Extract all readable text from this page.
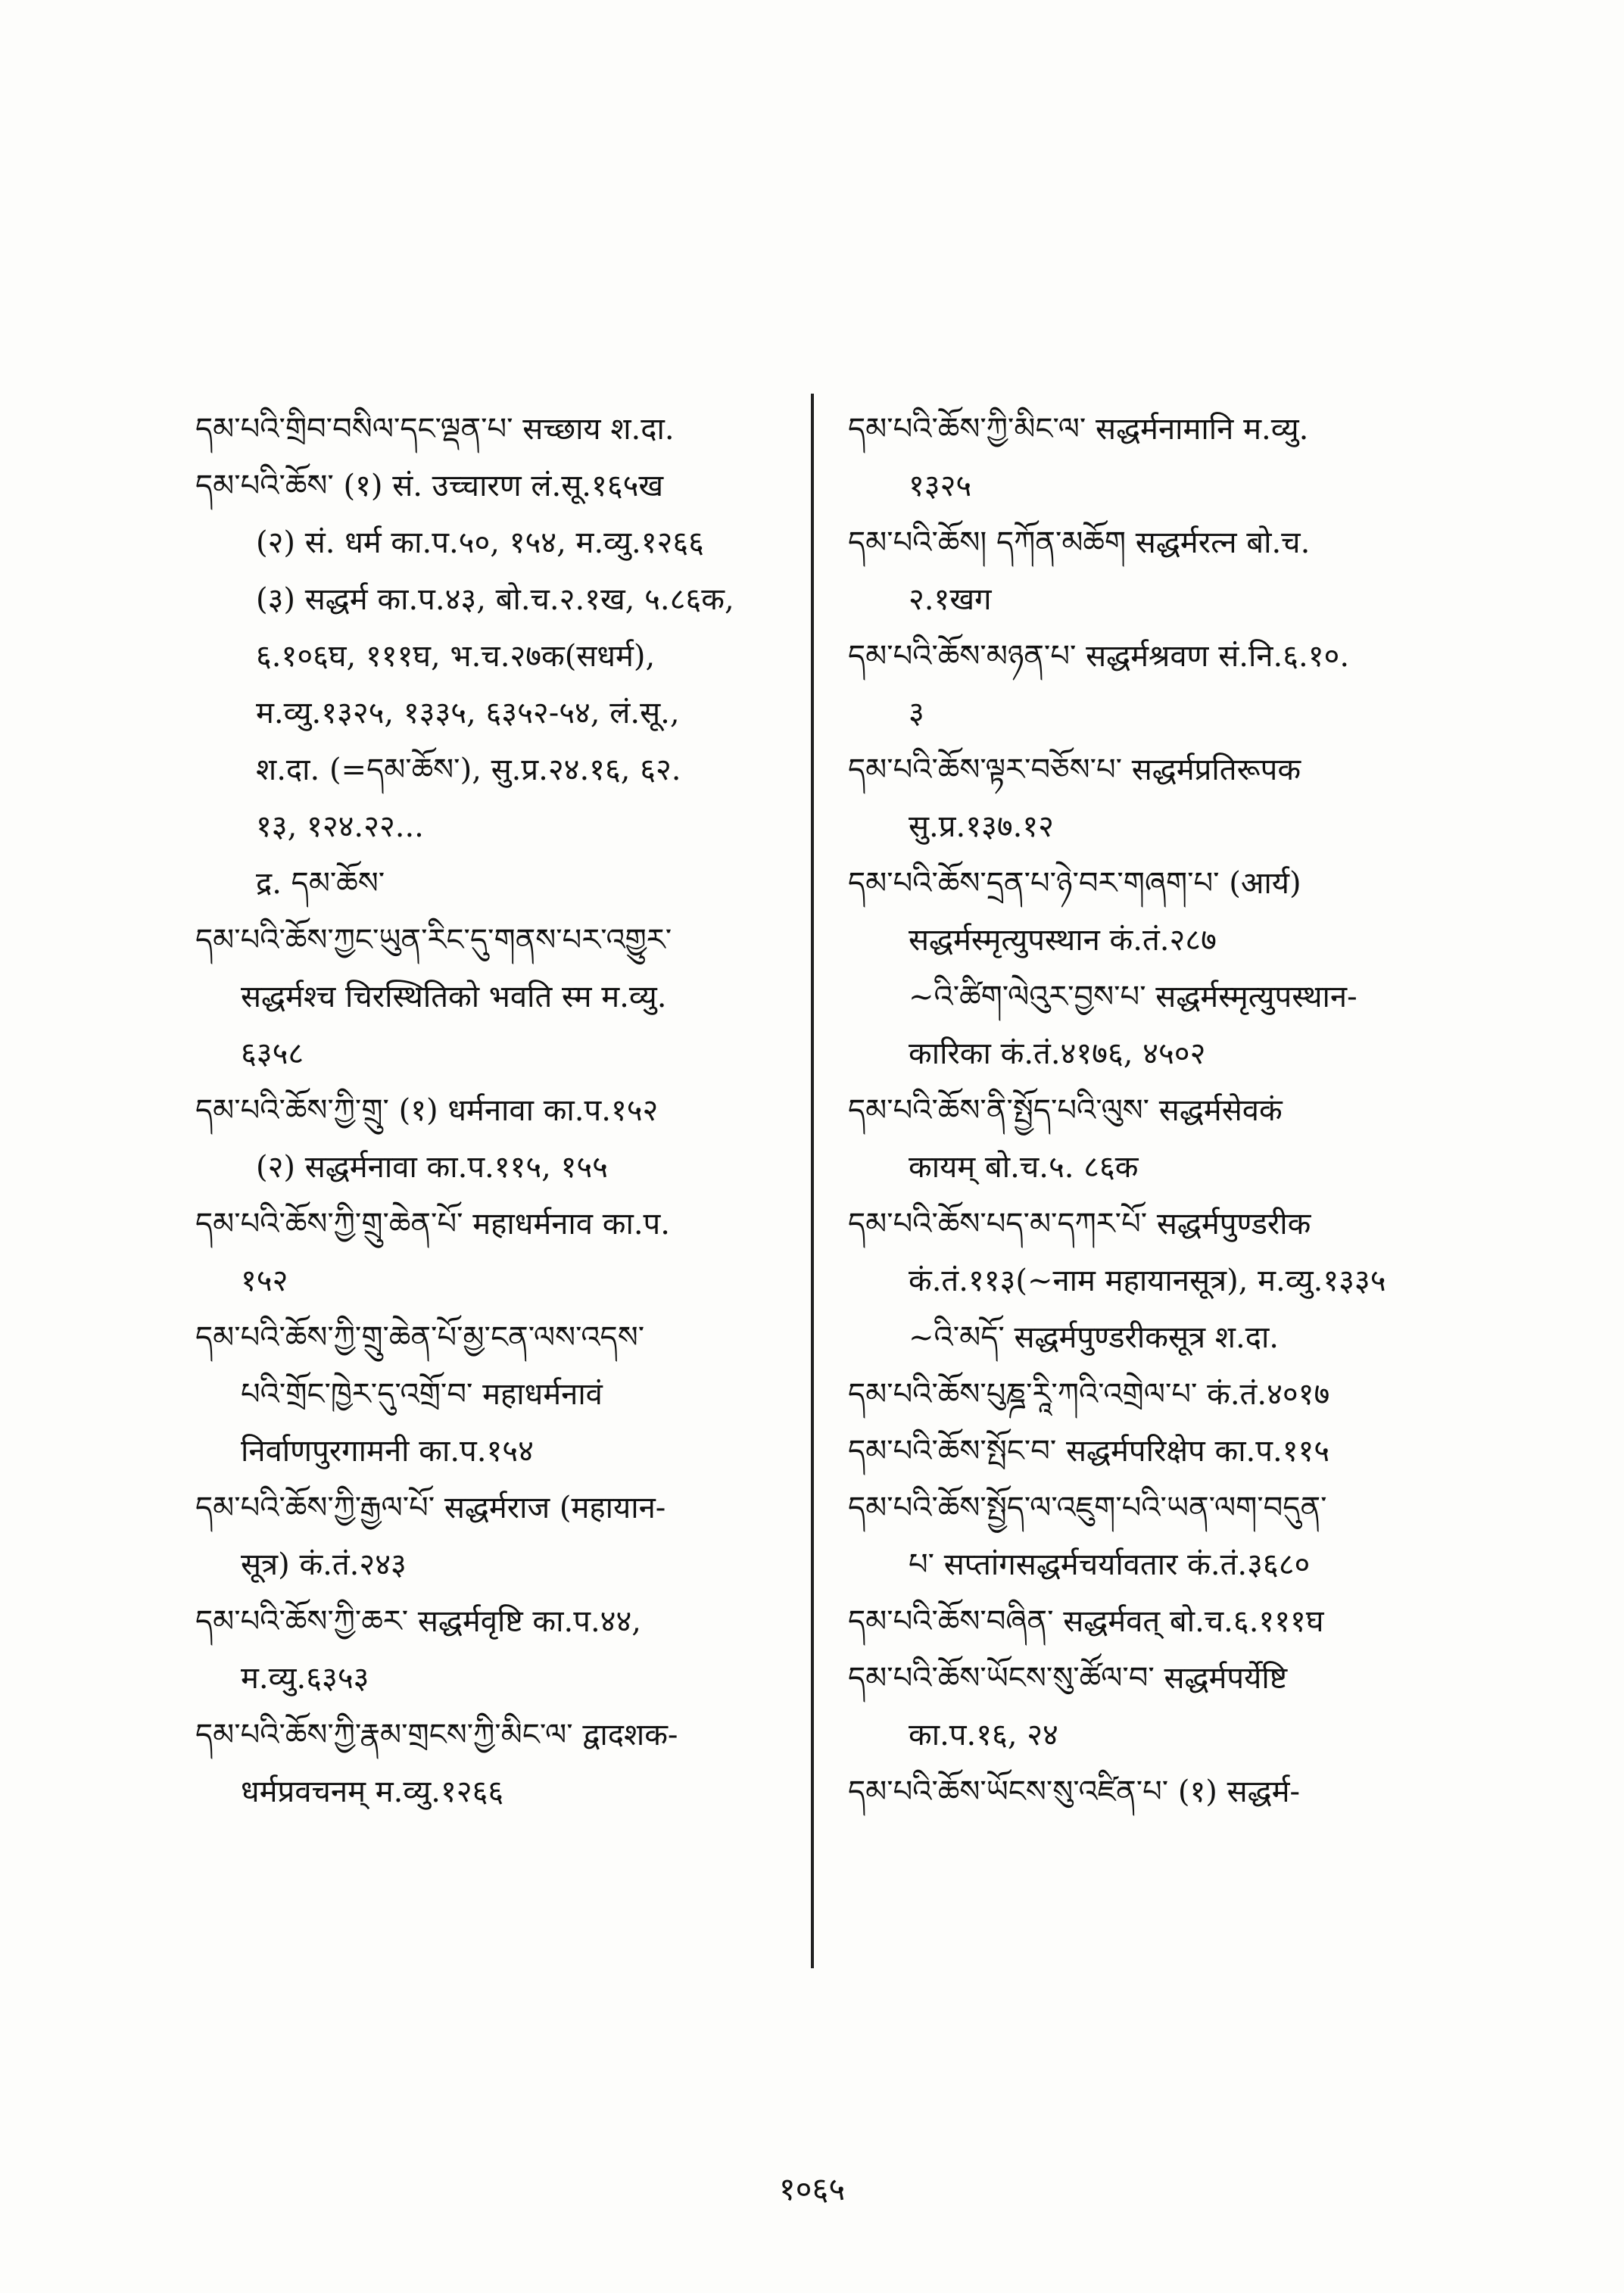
དམ་པའི་གྲིབ་བསིལ་དང་ལྡན་པ་ सच्छाय श.दा.
དམ་པའི་ཆོས་ (१) सं. उच्चारण लं.सू.१६५ख
(२) सं. धर्म का.प.५०, १५४, म.व्यु.१२६६
(३) सद्धर्म का.प.४३, बो.च.२.१ख, ५.८६क,
६.१०६घ, १११घ, भ.च.२७क(सधर्म),
म.व्यु.१३२५, १३३५, ६३५२-५४, लं.सू.,
श.दा. (=དམ་ཆོས་), सु.प्र.२४.१६, ६२.
१३, १२४.२२...
द्र. དམ་ཆོས་
དམ་པའི་ཆོས་ཀྱང་ཡུན་རིང་དུ་གནས་པར་འགྱུར་
सद्धर्मश्च चिरस्थितिको भवति स्म म.व्यु.
६३५८
དམ་པའི་ཆོས་ཀྱི་གྲུ་ (१) धर्मनावा का.प.१५२
(२) सद्धर्मनावा का.प.११५, १५५
དམ་པའི་ཆོས་ཀྱི་གྲུ་ཆེན་པོ་ महाधर्मनाव का.प.
१५२
དམ་པའི་ཆོས་ཀྱི་གྲུ་ཆེན་པོ་མྱ་ངན་ལས་འདས་
པའི་གྲོང་ཁྱེར་དུ་འགྲོ་བ་ महाधर्मनावं
निर्वाणपुरगामनी का.प.१५४
དམ་པའི་ཆོས་ཀྱི་རྒྱལ་པོ་ सद्धर्मराज (महायान-
सूत्र) कं.तं.२४३
དམ་པའི་ཆོས་ཀྱི་ཆར་ सद्धर्मवृष्टि का.प.४४,
म.व्यु.६३५३
དམ་པའི་ཆོས་ཀྱི་རྣམ་གྲངས་ཀྱི་མིང་ལ་ द्वादशक-
धर्मप्रवचनम् म.व्यु.१२६६
དམ་པའི་ཆོས་ཀྱི་མིང་ལ་ सद्धर्मनामानि म.व्यु.
१३२५
དམ་པའི་ཆོས། དཀོན་མཆོག सद्धर्मरत्न बो.च.
२.१खग
དམ་པའི་ཆོས་མཉན་པ་ सद्धर्मश्रवण सं.नि.६.१०.
३
དམ་པའི་ཆོས་ལྟར་བཅོས་པ་ सद्धर्मप्रतिरूपक
सु.प्र.१३७.१२
དམ་པའི་ཆོས་དྲན་པ་ཉེ་བར་གཞག་པ་ (आर्य)
सद्धर्मस्मृत्युपस्थान कं.तं.२८७
~འི་ཚིག་ལེའུར་བྱས་པ་ सद्धर्मस्मृत्युपस्थान-
कारिका कं.तं.४१७६, ४५०२
དམ་པའི་ཆོས་ནི་སྤྱོད་པའི་ལུས་ सद्धर्मसेवकं
कायम् बो.च.५. ८६क
དམ་པའི་ཆོས་པད་མ་དཀར་པོ་ सद्धर्मपुण्डरीक
कं.तं.११३(~नाम महायानसूत्र), म.व्यु.१३३५
~འི་མདོ་ सद्धर्मपुण्डरीकसूत्र श.दा.
དམ་པའི་ཆོས་པུཎྜ་རཱི་ཀའི་འགྲེལ་པ་ कं.तं.४०१७
དམ་པའི་ཆོས་སྤོང་བ་ सद्धर्मपरिक्षेप का.प.११५
དམ་པའི་ཆོས་སྤྱོད་ལ་འཇུག་པའི་ཡན་ལག་བདུན་
པ་ सप्तांगसद्धर्मचर्यावतार कं.तं.३६८०
དམ་པའི་ཆོས་བཞིན་ सद्धर्मवत् बो.च.६.१११घ
དམ་པའི་ཆོས་ཡོངས་སུ་ཚོལ་བ་ सद्धर्मपर्येष्टि
का.प.१६, २४
དམ་པའི་ཆོས་ཡོངས་སུ་འཛིན་པ་ (१) सद्धर्म-
१०६५
